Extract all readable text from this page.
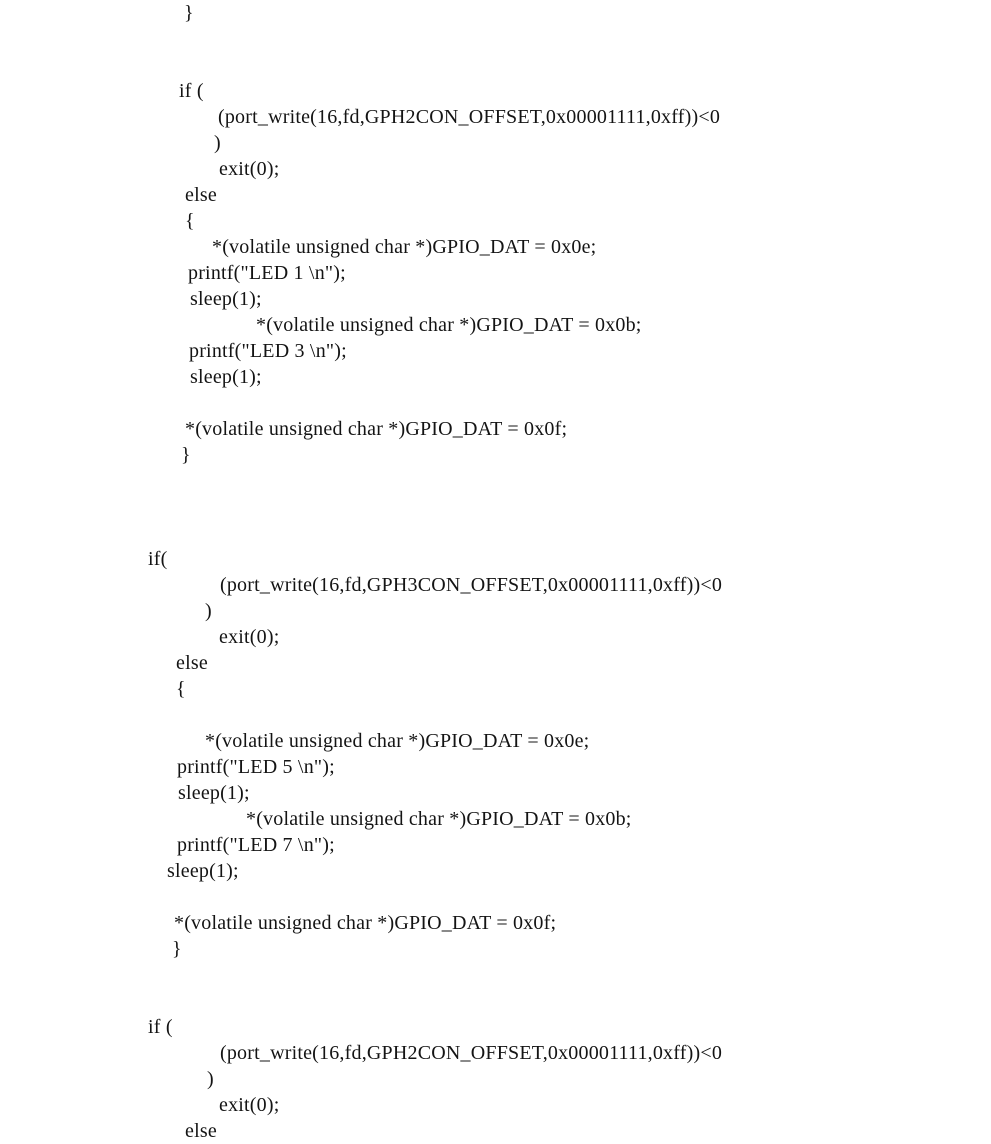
}
if (
(port_write(16,fd,GPH2CON_OFFSET,0x00001111,0xff))<0
)
exit(0);
else
{
*(volatile unsigned char *)GPIO_DAT = 0x0e;
printf("LED 1 \n");
sleep(1);
*(volatile unsigned char *)GPIO_DAT = 0x0b;
printf("LED 3 \n");
sleep(1);
*(volatile unsigned char *)GPIO_DAT = 0x0f;
}
if(
(port_write(16,fd,GPH3CON_OFFSET,0x00001111,0xff))<0
)
exit(0);
else
{
*(volatile unsigned char *)GPIO_DAT = 0x0e;
printf("LED 5 \n");
sleep(1);
*(volatile unsigned char *)GPIO_DAT = 0x0b;
printf("LED 7 \n");
sleep(1);
*(volatile unsigned char *)GPIO_DAT = 0x0f;
}
if (
(port_write(16,fd,GPH2CON_OFFSET,0x00001111,0xff))<0
)
exit(0);
else
